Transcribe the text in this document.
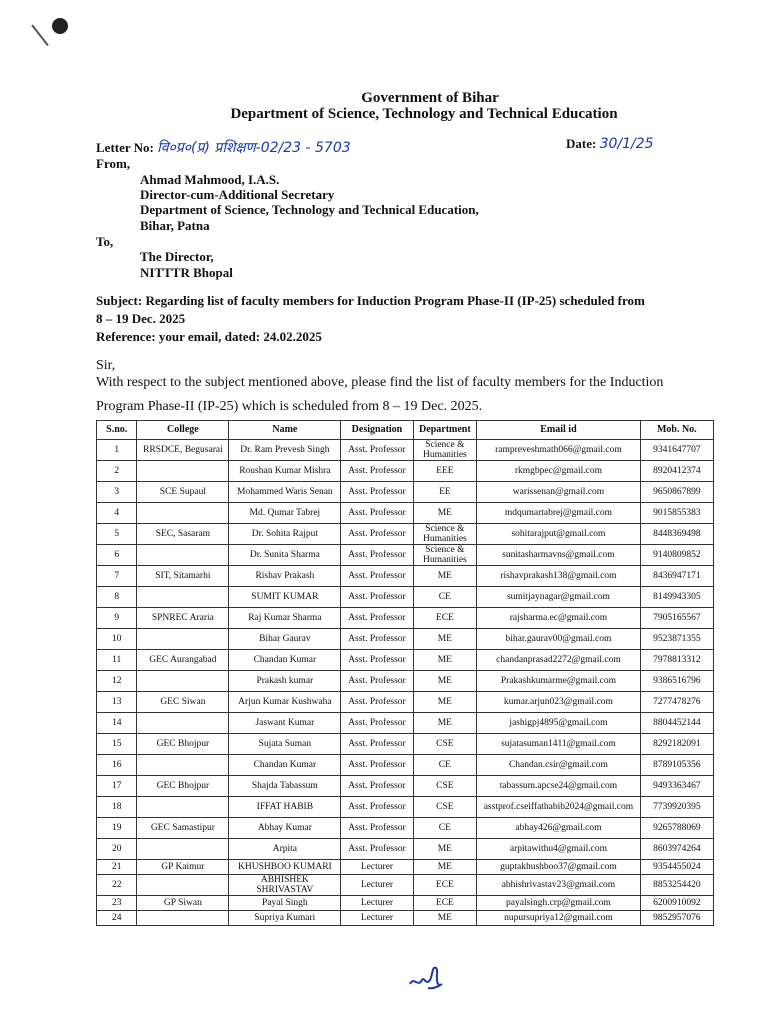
Government of Bihar
Department of Science, Technology and Technical Education
Letter No: वि०प्र०(प्र) प्रशिक्षण-02/23 - 5703	Date: 30/1/25
From,
Ahmad Mahmood, I.A.S.
Director-cum-Additional Secretary
Department of Science, Technology and Technical Education,
Bihar, Patna
To,
The Director,
NITTTR Bhopal
Subject: Regarding list of faculty members for Induction Program Phase-II (IP-25) scheduled from
8 – 19 Dec. 2025
Reference: your email, dated: 24.02.2025
Sir,
With respect to the subject mentioned above, please find the list of faculty members for the Induction
Program Phase-II (IP-25) which is scheduled from 8 – 19 Dec. 2025.
S.no.	College	Name	Designation	Department	Email id	Mob. No.
1	RRSDCE, Begusarai	Dr. Ram Prevesh Singh	Asst. Professor	Science & Humanities	rampreveshmath066@gmail.com	9341647707
2		Roushan Kumar Mishra	Asst. Professor	EEE	rkmgbpec@gmail.com	8920412374
3	SCE Supaul	Mohammed Waris Senan	Asst. Professor	EE	warissenan@gmail.com	9650867899
4		Md. Qumar Tabrej	Asst. Professor	ME	mdqumartabrej@gmail.com	9015855383
5	SEC, Sasaram	Dr. Sohita Rajput	Asst. Professor	Science & Humanities	sohitarajput@gmail.com	8448369498
6		Dr. Sunita Sharma	Asst. Professor	Science & Humanities	sunitasharmavns@gmail.com	9140809852
7	SIT, Sitamarhi	Rishav Prakash	Asst. Professor	ME	rishavprakash138@gmail.com	8436947171
8		SUMIT KUMAR	Asst. Professor	CE	sumitjaynagar@gmail.com	8149943305
9	SPNREC Araria	Raj Kumar Sharma	Asst. Professor	ECE	rajsharma.ec@gmail.com	7905165567
10		Bihar Gaurav	Asst. Professor	ME	bihar.gaurav00@gmail.com	9523871355
11	GEC Aurangabad	Chandan Kumar	Asst. Professor	ME	chandanprasad2272@gmail.com	7978813312
12		Prakash kumar	Asst. Professor	ME	Prakashkumarme@gmail.com	9386516796
13	GEC Siwan	Arjun Kumar Kushwaha	Asst. Professor	ME	kumar.arjun023@gmail.com	7277478276
14		Jaswant Kumar	Asst. Professor	ME	jashigpj4895@gmail.com	8804452144
15	GEC Bhojpur	Sujata Suman	Asst. Professor	CSE	sujatasuman1411@gmail.com	8292182091
16		Chandan Kumar	Asst. Professor	CE	Chandan.csir@gmail.com	8789105356
17	GEC Bhojpur	Shajda Tabassum	Asst. Professor	CSE	tabassum.apcse24@gmail.com	9493363467
18		IFFAT HABIB	Asst. Professor	CSE	asstprof.cseiffathabib2024@gmail.com	7739920395
19	GEC Samastipur	Abhay Kumar	Asst. Professor	CE	abhay426@gmail.com	9265788069
20		Arpita	Asst. Professor	ME	arpitawithu4@gmail.com	8603974264
21	GP Kaimur	KHUSHBOO KUMARI	Lecturer	ME	guptakhushboo37@gmail.com	9354455024
22		ABHISHEK SHRIVASTAV	Lecturer	ECE	abhishrivastav23@gmail.com	8853254420
23	GP Siwan	Payal Singh	Lecturer	ECE	payalsingh.crp@gmail.com	6200910092
24		Supriya Kumari	Lecturer	ME	nupursupriya12@gmail.com	9852957076
